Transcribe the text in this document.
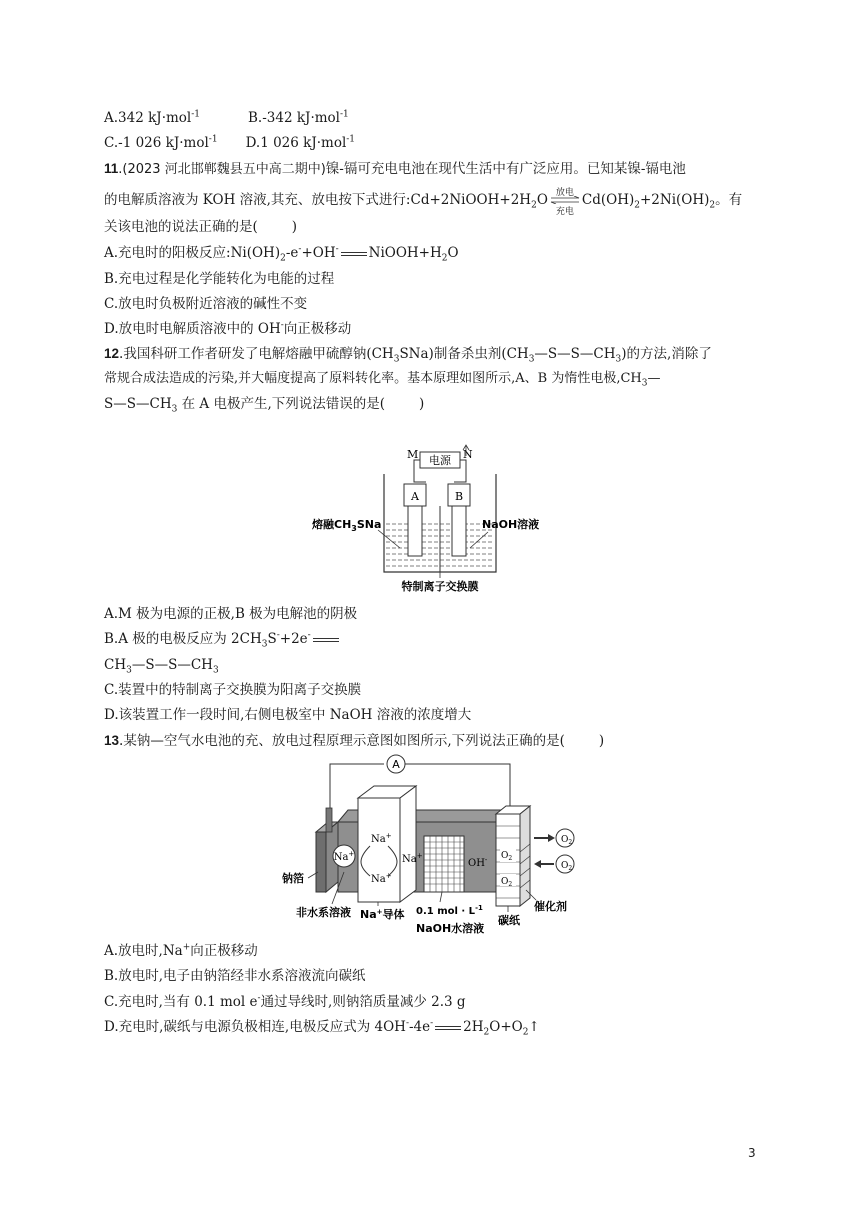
A.342 kJ·mol$^{-1}$	B.-342 kJ·mol$^{-1}$
C.-1 026 kJ·mol$^{-1}$ D.1 026 kJ·mol$^{-1}$
11.(2023 河北邯郸魏县五中高二期中)镍-镉可充电电池在现代生活中有广泛应用。已知某镍-镉电池
的电解质溶液为 KOH 溶液,其充、放电按下式进行$:Cd+2NiOOH+2H_2O$ 放电
充电
$Cd(OH)_2+2Ni(OH)_2$。有
关该电池的说法正确的是(	)
A.充电时的阳极反应$:Ni(OH)_2-e^-+OH^-$ $NiOOH+H_2O$
B.充电过程是化学能转化为电能的过程
C.放电时负极附近溶液的碱性不变
D.放电时电解质溶液中的 OH-向正极移动
12.我国科研工作者研发了电解熔融甲硫醇钠$(CH_3SNa)$制备杀虫剂$(CH_3—S—S—CH_3)$的方法,消除了
常规合成法造成的污染,并大幅度提高了原料转化率。基本原理如图所示,A、B 为惰性电极$,CH_3—$
$S—S—CH_3$ 在 A 电极产生,下列说法错误的是(	)
电源
M	N
A	B
熔融$CH_3SNa$	NaOH溶液
特制离子交换膜
A.M 极为电源的正极,B 极为电解池的阴极
B.A 极的电极反应为 $2CH_3S^-+2e^-$
$CH_3—S—S—CH_3$
C.装置中的特制离子交换膜为阳离子交换膜
D.该装置工作一段时间,右侧电极室中 NaOH 溶液的浓度增大
13.某钠—空气水电池的充、放电过程原理示意图如图所示,下列说法正确的是(	)
A
Na+
Na+
Na+
Na+
OH- $O_2$
$O_2$
$O_2$
$O_2$
钠箔
非水系溶液 Na+导体 0.1 mol · $L^{-1}$
NaOH水溶液
碳纸
催化剂
A.放电时,Na+向正极移动
B.放电时,电子由钠箔经非水系溶液流向碳纸
C.充电时,当有 0.1 mol e-通过导线时,则钠箔质量减少 2.3 g
D.充电时,碳纸与电源负极相连,电极反应式为 4OH--4e- $2H_2O+O_2↑$
3
